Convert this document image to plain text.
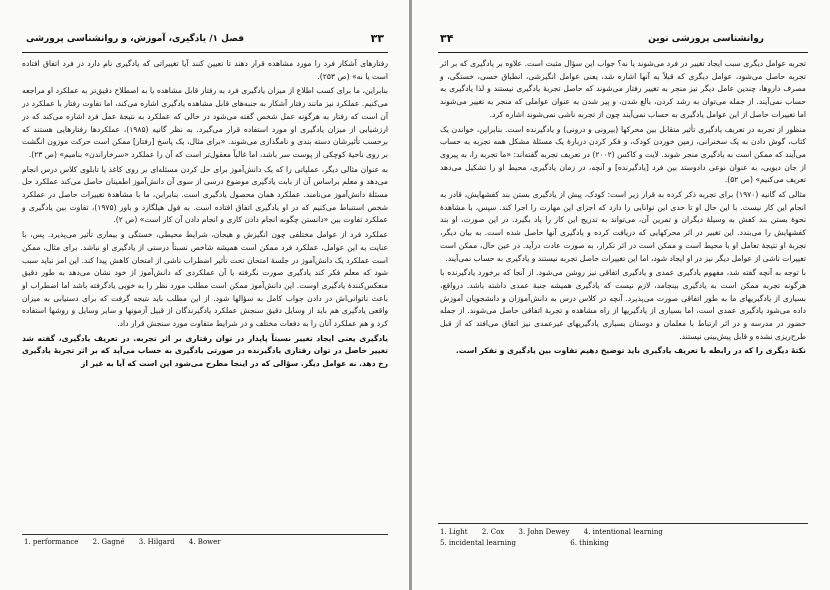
۳۳
فصل ۱/ یادگیری، آموزش، و روانشناسی پرورشی

رفتارهای آشکار فرد را مورد مشاهده قرار دهند تا تعیین کنند آیا تغییراتی که یادگیری نام دارد در فرد اتفاق افتاده است یا نه» (ص ۲۵۳).

بنابراین، ما برای کسب اطلاع از میزان یادگیری فرد به رفتار قابل مشاهده یا به اصطلاح دقیق‌تر به عملکرد او مراجعه می‌کنیم. عملکرد نیز مانند رفتار آشکار به جنبه‌های قابل مشاهده یادگیری اشاره می‌کند، اما تفاوت رفتار با عملکرد در آن است که رفتار به هرگونه عمل شخص گفته می‌شود در حالی که عملکرد به نتیجهٔ عمل فرد اشاره می‌کند که در ارزشیابی از میزان یادگیری او مورد استفاده قرار می‌گیرد. به نظر گانیه (۱۹۸۵)، عملکردها رفتارهایی هستند که برحسب تأثیرشان دسته بندی و نامگذاری می‌شوند. «برای مثال، یک پاسخ [رفتار] ممکن است حرکت موزون انگشت بر روی ناحیهٔ کوچکی از پوست سر باشد، اما غالباً معقول‌تر است که آن را عملکرد «سرخاراندن» بنامیم» (ص ۲۳).

به عنوان مثالی دیگر، عملیاتی را که یک دانش‌آموز برای حل کردن مسئله‌ای بر روی کاغذ یا تابلوی کلاس درس انجام می‌دهد و معلم براساس آن از بابت یادگیری موضوع درسی از سوی آن دانش‌آموز اطمینان حاصل می‌کند عملکرد حل مسئلهٔ دانش‌آموز می‌نامند. عملکرد همان محصول یادگیری است. بنابراین، ما با مشاهدهٔ تغییرات حاصل در عملکرد شخص استنباط می‌کنیم که در او یادگیری اتفاق افتاده است. به قول هیلگارد و باور (۱۹۷۵)، تفاوت بین یادگیری و عملکرد تفاوت بین «دانستن چگونه انجام دادن کاری و انجام دادن آن کار است» (ص ۲).

عملکرد فرد از عوامل مختلفی چون انگیزش و هیجان، شرایط محیطی، خستگی و بیماری تأثیر می‌پذیرد. پس، با عنایت به این عوامل، عملکرد فرد ممکن است همیشه شاخص نسبتاً درستی از یادگیری او نباشد. برای مثال، ممکن است عملکرد یک دانش‌آموز در جلسهٔ امتحان تحت تأثیر اضطراب ناشی از امتحان کاهش پیدا کند. این امر نباید سبب شود که معلم فکر کند یادگیری صورت نگرفته یا آن عملکردی که دانش‌آموز از خود نشان می‌دهد به طور دقیق منعکس‌کنندهٔ یادگیری اوست. این دانش‌آموز ممکن است مطلب مورد نظر را به خوبی یادگرفته باشد اما اضطراب او باعث ناتوانی‌اش در دادن جواب کامل به سؤالها شود. از این مطلب باید نتیجه گرفت که برای دستیابی به میزان واقعی یادگیری هم باید از وسایل دقیق سنجش عملکرد یادگیرندگان از قبیل آزمونها و سایر وسایل و روشها استفاده کرد و هم عملکرد آنان را به دفعات مختلف و در شرایط متفاوت مورد سنجش قرار داد.

یادگیری یعنی ایجاد تغییر نسبتاً پایدار در توان رفتاری بر اثر تجربه. در تعریف یادگیری، گفته شد تغییر حاصل در توان رفتاری یادگیرنده در صورتی یادگیری به حساب می‌آید که بر اثر تجربهٔ یادگیری رخ دهد. نه عوامل دیگر. سؤالی که در اینجا مطرح می‌شود این است که آیا به غیر از

1. performance 2. Gagné 3. Hilgard 4. Bower
روانشناسی پرورشی نوین
۳۴

تجربه عوامل دیگری سبب ایجاد تغییر در فرد می‌شوند یا نه؟ جواب این سؤال مثبت است. علاوه بر یادگیری که بر اثر تجربه حاصل می‌شود، عوامل دیگری که قبلاً به آنها اشاره شد، یعنی عوامل انگیزشی، انطباق حسی، خستگی، و مصرف داروها، چندین عامل دیگر نیز منجر به تغییر رفتار می‌شوند که حاصل تجربهٔ یادگیری نیستند و لذا یادگیری به حساب نمی‌آیند. از جمله می‌توان به رشد کردن، بالغ شدن، و پیر شدن به عنوان عواملی که منجر به تغییر می‌شوند اما تغییرات حاصل از این عوامل یادگیری به حساب نمی‌آیند چون از تجربه ناشی نمی‌شوند اشاره کرد.

منظور از تجربه در تعریف یادگیری تأثیر متقابل بین محرکها (بیرونی و درونی) و یادگیرنده است. بنابراین، خواندن یک کتاب، گوش دادن به یک سخنرانی، زمین خوردن کودک، و فکر کردن دربارهٔ یک مسئلهٔ مشکل همه تجربه به حساب می‌آیند که ممکن است به یادگیری منجر شوند. لایت و کاکس (۲۰۰۲) در تعریف تجربه گفته‌اند: «ما تجربه را، به پیروی از جان دیویی، به عنوان نوعی دادوستد بین فرد [یادگیرنده] و آنچه، در زمان یادگیری، محیط او را تشکیل می‌دهد تعریف می‌کنیم» (ص ۵۲).

مثالی که گانیه (۱۹۷۰) برای تجربه ذکر کرده به قرار زیر است: کودک، پیش از یادگیری بستن بند کفشهایش، قادر به انجام این کار نیست. با این حال او تا حدی این توانایی را دارد که اجزای این مهارت را اجرا کند. سپس، با مشاهدهٔ نحوهٔ بستن بند کفش به وسیلهٔ دیگران و تمرین آن، می‌تواند به تدریج این کار را یاد بگیرد. در این صورت، او بند کفشهایش را می‌بندد. این تغییر در اثر محرکهایی که دریافت کرده و یادگیری آنها حاصل شده است. به بیان دیگر، تجربهٔ او نتیجهٔ تعامل او با محیط است و ممکن است در اثر تکرار، به صورت عادت درآید. در عین حال، ممکن است تغییرات ناشی از عوامل دیگر نیز در او ایجاد شود، اما این تغییرات حاصل تجربه نیستند و یادگیری به حساب نمی‌آیند.

با توجه به آنچه گفته شد، مفهوم یادگیری عمدی و یادگیری اتفاقی نیز روشن می‌شود. از آنجا که برخورد یادگیرنده با هرگونه تجربه ممکن است به یادگیری بینجامد، لازم نیست که یادگیری همیشه جنبهٔ عمدی داشته باشد. درواقع، بسیاری از یادگیریهای ما به طور اتفاقی صورت می‌پذیرد. آنچه در کلاس درس به دانش‌آموزان و دانشجویان آموزش داده می‌شود یادگیری عمدی است، اما بسیاری از یادگیریها از راه مشاهده و تجربهٔ اتفاقی حاصل می‌شوند. از جمله حضور در مدرسه و در اثر ارتباط با معلمان و دوستان بسیاری یادگیریهای غیرعمدی نیز اتفاق می‌افتد که از قبل طرح‌ریزی نشده و قابل پیش‌بینی نیستند.

نکتهٔ دیگری را که در رابطه با تعریف یادگیری باید توضیح دهیم تفاوت بین یادگیری و تفکر است.

1. Light 2. Cox 3. John Dewey 4. intentional learning
5. incidental learning	6. thinking
